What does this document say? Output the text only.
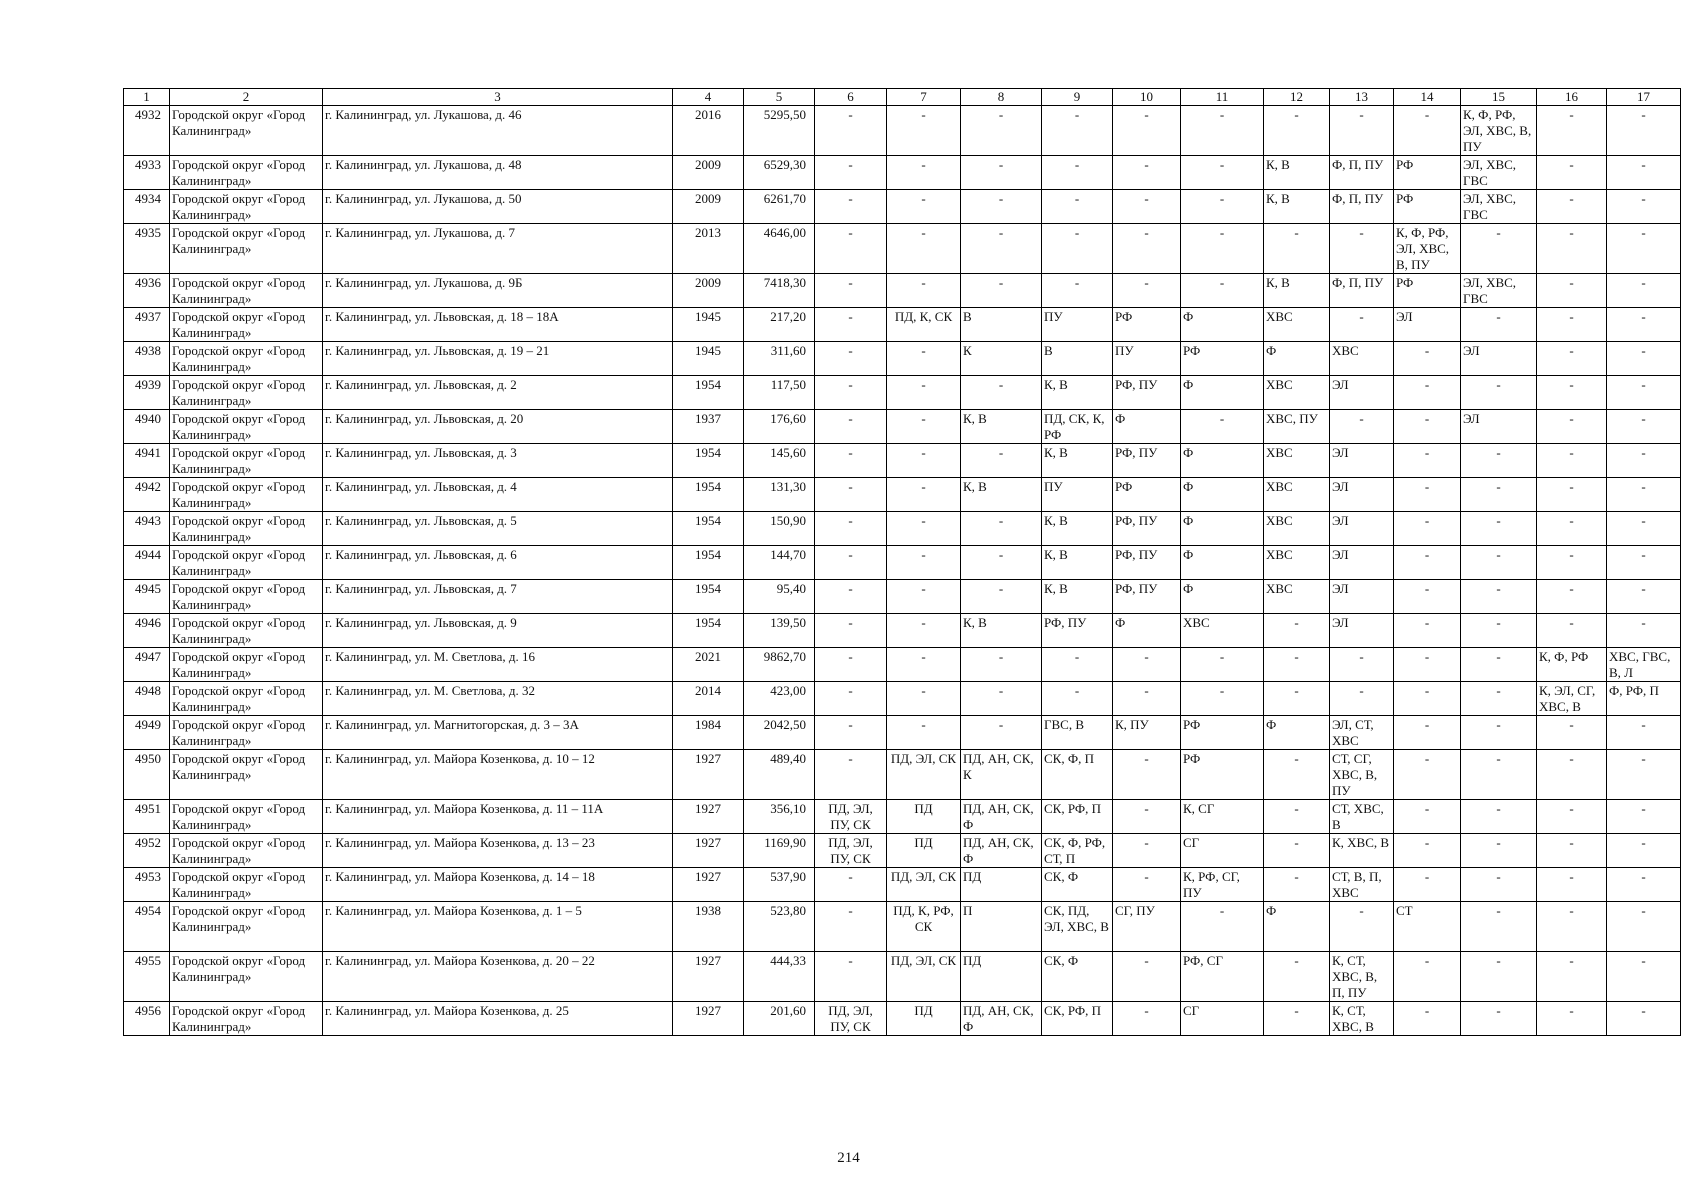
1	2	3	4	5	6	7	8	9	10	11	12	13	14	15	16	17
4932	Городской округ «Город Калининград»	г. Калининград, ул. Лукашова, д. 46	2016	5295,50	-	-	-	-	-	-	-	-	-	К, Ф, РФ, ЭЛ, ХВС, В, ПУ	-	-
4933	Городской округ «Город Калининград»	г. Калининград, ул. Лукашова, д. 48	2009	6529,30	-	-	-	-	-	-	К, В	Ф, П, ПУ	РФ	ЭЛ, ХВС, ГВС	-	-
4934	Городской округ «Город Калининград»	г. Калининград, ул. Лукашова, д. 50	2009	6261,70	-	-	-	-	-	-	К, В	Ф, П, ПУ	РФ	ЭЛ, ХВС, ГВС	-	-
4935	Городской округ «Город Калининград»	г. Калининград, ул. Лукашова, д. 7	2013	4646,00	-	-	-	-	-	-	-	-	К, Ф, РФ, ЭЛ, ХВС, В, ПУ	-	-	-
4936	Городской округ «Город Калининград»	г. Калининград, ул. Лукашова, д. 9Б	2009	7418,30	-	-	-	-	-	-	К, В	Ф, П, ПУ	РФ	ЭЛ, ХВС, ГВС	-	-
4937	Городской округ «Город Калининград»	г. Калининград, ул. Львовская, д. 18 – 18А	1945	217,20	-	ПД, К, СК	В	ПУ	РФ	Ф	ХВС	-	ЭЛ	-	-	-
4938	Городской округ «Город Калининград»	г. Калининград, ул. Львовская, д. 19 – 21	1945	311,60	-	-	К	В	ПУ	РФ	Ф	ХВС	-	ЭЛ	-	-
4939	Городской округ «Город Калининград»	г. Калининград, ул. Львовская, д. 2	1954	117,50	-	-	-	К, В	РФ, ПУ	Ф	ХВС	ЭЛ	-	-	-	-
4940	Городской округ «Город Калининград»	г. Калининград, ул. Львовская, д. 20	1937	176,60	-	-	К, В	ПД, СК, К, РФ	Ф	-	ХВС, ПУ	-	-	ЭЛ	-	-
4941	Городской округ «Город Калининград»	г. Калининград, ул. Львовская, д. 3	1954	145,60	-	-	-	К, В	РФ, ПУ	Ф	ХВС	ЭЛ	-	-	-	-
4942	Городской округ «Город Калининград»	г. Калининград, ул. Львовская, д. 4	1954	131,30	-	-	К, В	ПУ	РФ	Ф	ХВС	ЭЛ	-	-	-	-
4943	Городской округ «Город Калининград»	г. Калининград, ул. Львовская, д. 5	1954	150,90	-	-	-	К, В	РФ, ПУ	Ф	ХВС	ЭЛ	-	-	-	-
4944	Городской округ «Город Калининград»	г. Калининград, ул. Львовская, д. 6	1954	144,70	-	-	-	К, В	РФ, ПУ	Ф	ХВС	ЭЛ	-	-	-	-
4945	Городской округ «Город Калининград»	г. Калининград, ул. Львовская, д. 7	1954	95,40	-	-	-	К, В	РФ, ПУ	Ф	ХВС	ЭЛ	-	-	-	-
4946	Городской округ «Город Калининград»	г. Калининград, ул. Львовская, д. 9	1954	139,50	-	-	К, В	РФ, ПУ	Ф	ХВС	-	ЭЛ	-	-	-	-
4947	Городской округ «Город Калининград»	г. Калининград, ул. М. Светлова, д. 16	2021	9862,70	-	-	-	-	-	-	-	-	-	-	К, Ф, РФ	ХВС, ГВС, В, Л
4948	Городской округ «Город Калининград»	г. Калининград, ул. М. Светлова, д. 32	2014	423,00	-	-	-	-	-	-	-	-	-	-	К, ЭЛ, СГ, ХВС, В	Ф, РФ, П
4949	Городской округ «Город Калининград»	г. Калининград, ул. Магнитогорская, д. 3 – 3А	1984	2042,50	-	-	-	ГВС, В	К, ПУ	РФ	Ф	ЭЛ, СТ, ХВС	-	-	-	-
4950	Городской округ «Город Калининград»	г. Калининград, ул. Майора Козенкова, д. 10 – 12	1927	489,40	-	ПД, ЭЛ, СК	ПД, АН, СК, К	СК, Ф, П	-	РФ	-	СТ, СГ, ХВС, В, ПУ	-	-	-	-
4951	Городской округ «Город Калининград»	г. Калининград, ул. Майора Козенкова, д. 11 – 11А	1927	356,10	ПД, ЭЛ, ПУ, СК	ПД	ПД, АН, СК, Ф	СК, РФ, П	-	К, СГ	-	СТ, ХВС, В	-	-	-	-
4952	Городской округ «Город Калининград»	г. Калининград, ул. Майора Козенкова, д. 13 – 23	1927	1169,90	ПД, ЭЛ, ПУ, СК	ПД	ПД, АН, СК, Ф	СК, Ф, РФ, СТ, П	-	СГ	-	К, ХВС, В	-	-	-	-
4953	Городской округ «Город Калининград»	г. Калининград, ул. Майора Козенкова, д. 14 – 18	1927	537,90	-	ПД, ЭЛ, СК	ПД	СК, Ф	-	К, РФ, СГ, ПУ	-	СТ, В, П, ХВС	-	-	-	-
4954	Городской округ «Город Калининград»	г. Калининград, ул. Майора Козенкова, д. 1 – 5	1938	523,80	-	ПД, К, РФ, СК	П	СК, ПД, ЭЛ, ХВС, В	СГ, ПУ	-	Ф	-	СТ	-	-	-
4955	Городской округ «Город Калининград»	г. Калининград, ул. Майора Козенкова, д. 20 – 22	1927	444,33	-	ПД, ЭЛ, СК	ПД	СК, Ф	-	РФ, СГ	-	К, СТ, ХВС, В, П, ПУ	-	-	-	-
4956	Городской округ «Город Калининград»	г. Калининград, ул. Майора Козенкова, д. 25	1927	201,60	ПД, ЭЛ, ПУ, СК	ПД	ПД, АН, СК, Ф	СК, РФ, П	-	СГ	-	К, СТ, ХВС, В	-	-	-	-
214
